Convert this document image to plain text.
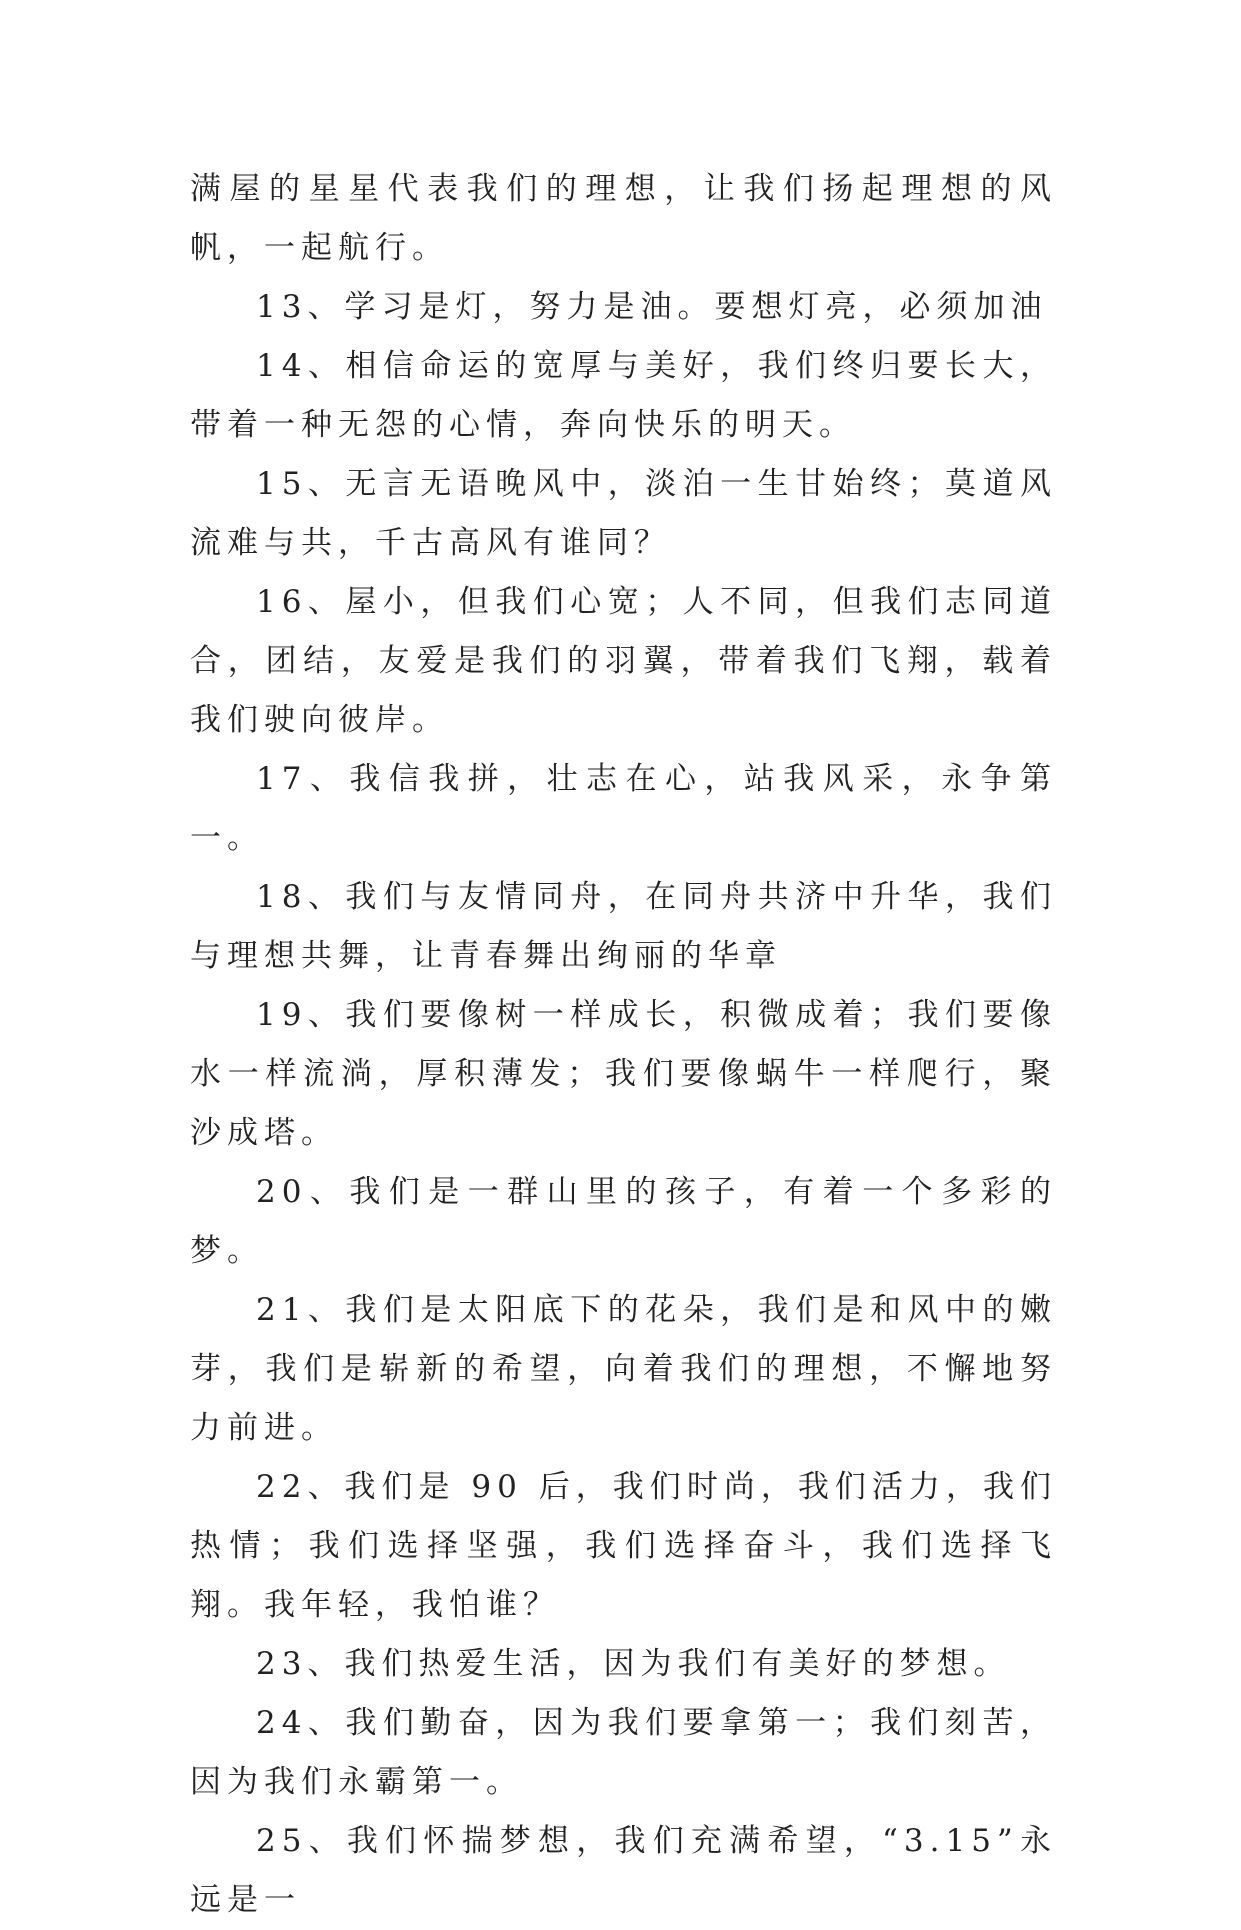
满屋的星星代表我们的理想，让我们扬起理想的风帆，一起航行。

13、学习是灯，努力是油。要想灯亮，必须加油

14、相信命运的宽厚与美好，我们终归要长大，带着一种无怨的心情，奔向快乐的明天。

15、无言无语晚风中，淡泊一生甘始终；莫道风流难与共，千古高风有谁同？

16、屋小，但我们心宽；人不同，但我们志同道合，团结，友爱是我们的羽翼，带着我们飞翔，载着我们驶向彼岸。

17、我信我拼，壮志在心，站我风采，永争第一。

18、我们与友情同舟，在同舟共济中升华，我们与理想共舞，让青春舞出绚丽的华章

19、我们要像树一样成长，积微成着；我们要像水一样流淌，厚积薄发；我们要像蜗牛一样爬行，聚沙成塔。

20、我们是一群山里的孩子，有着一个多彩的梦。

21、我们是太阳底下的花朵，我们是和风中的嫩芽，我们是崭新的希望，向着我们的理想，不懈地努力前进。

22、我们是 90 后，我们时尚，我们活力，我们热情；我们选择坚强，我们选择奋斗，我们选择飞翔。我年轻，我怕谁？

23、我们热爱生活，因为我们有美好的梦想。

24、我们勤奋，因为我们要拿第一；我们刻苦，因为我们永霸第一。

25、我们怀揣梦想，我们充满希望，“3.15”永远是一
